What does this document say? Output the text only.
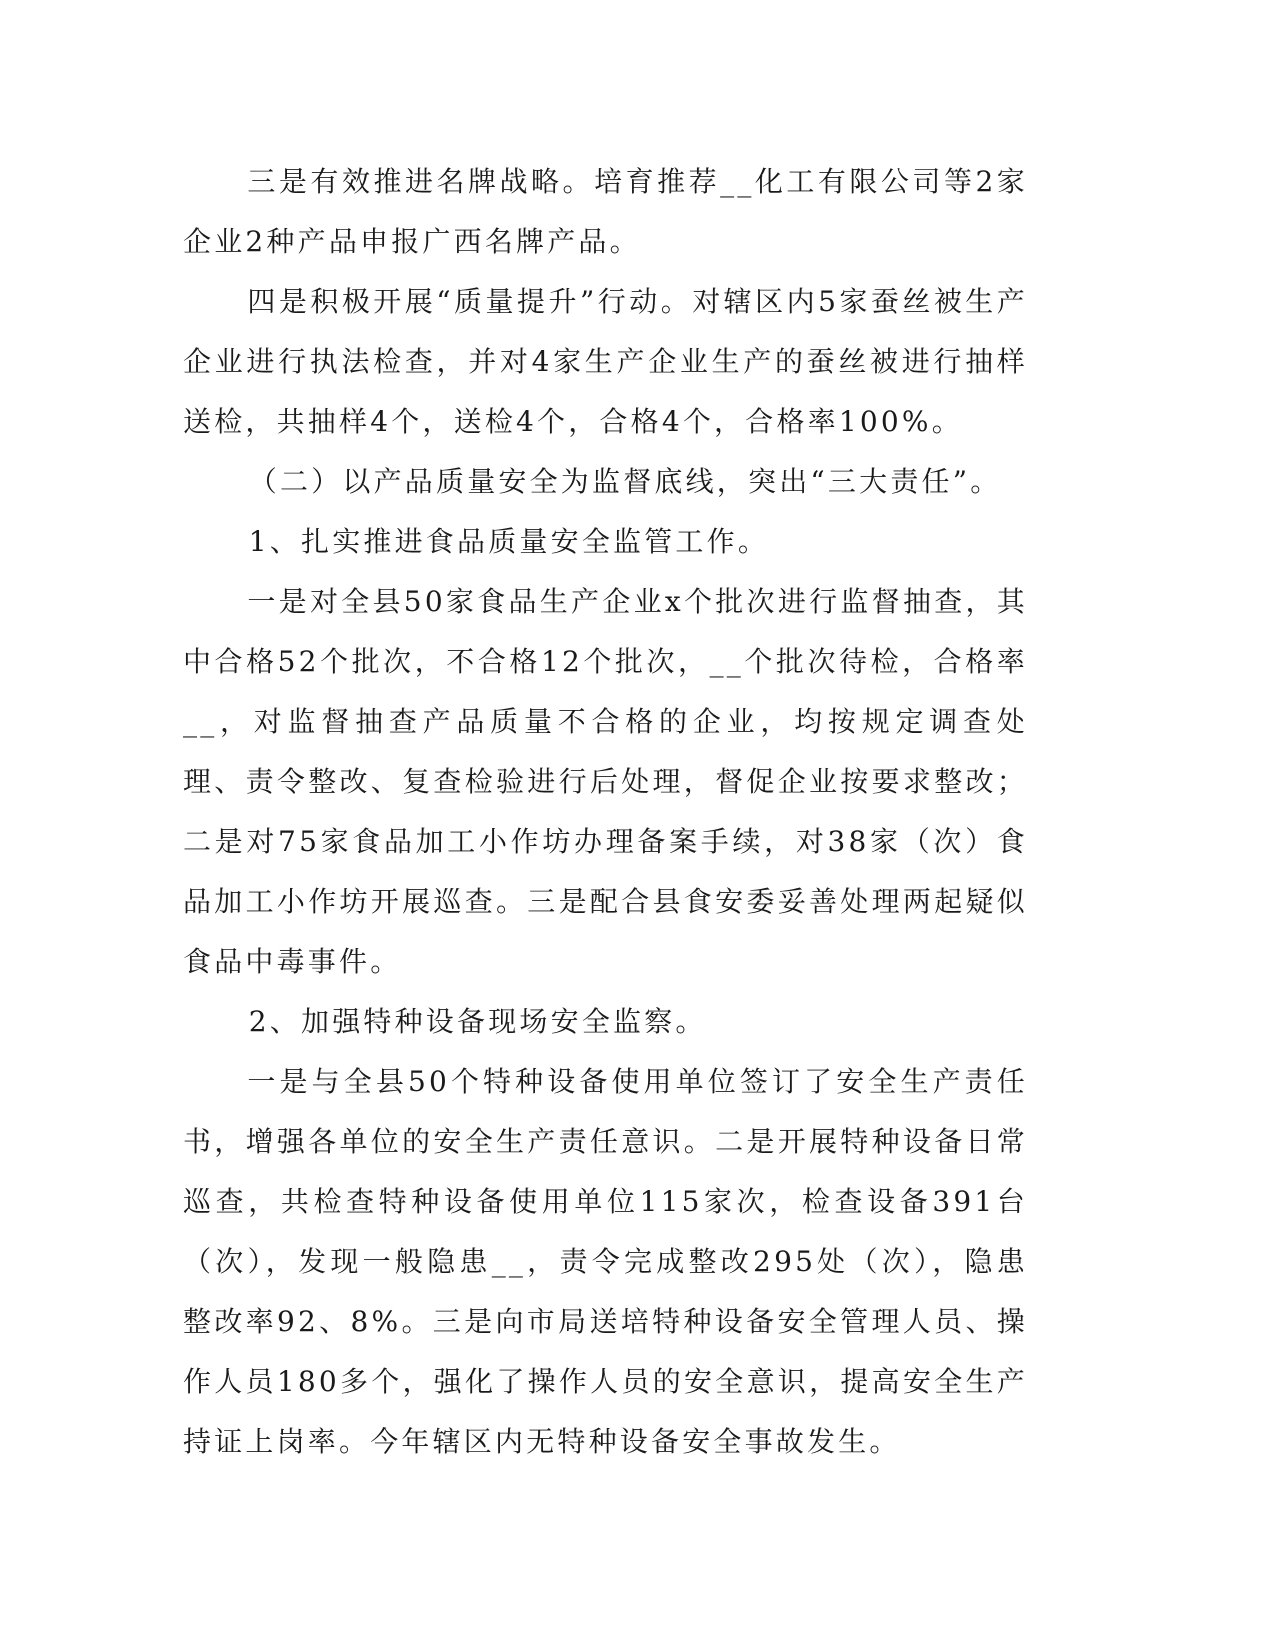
三是有效推进名牌战略。培育推荐__化工有限公司等2家企业2种产品申报广西名牌产品。

四是积极开展“质量提升”行动。对辖区内5家蚕丝被生产企业进行执法检查，并对4家生产企业生产的蚕丝被进行抽样送检，共抽样4个，送检4个，合格4个，合格率100%。

（二）以产品质量安全为监督底线，突出“三大责任”。

1、扎实推进食品质量安全监管工作。

一是对全县50家食品生产企业x个批次进行监督抽查，其中合格52个批次，不合格12个批次，__个批次待检，合格率__，对监督抽查产品质量不合格的企业，均按规定调查处理、责令整改、复查检验进行后处理，督促企业按要求整改；二是对75家食品加工小作坊办理备案手续，对38家（次）食品加工小作坊开展巡查。三是配合县食安委妥善处理两起疑似食品中毒事件。

2、加强特种设备现场安全监察。

一是与全县50个特种设备使用单位签订了安全生产责任书，增强各单位的安全生产责任意识。二是开展特种设备日常巡查，共检查特种设备使用单位115家次，检查设备391台（次），发现一般隐患__，责令完成整改295处（次），隐患整改率92、8%。三是向市局送培特种设备安全管理人员、操作人员180多个，强化了操作人员的安全意识，提高安全生产持证上岗率。今年辖区内无特种设备安全事故发生。
